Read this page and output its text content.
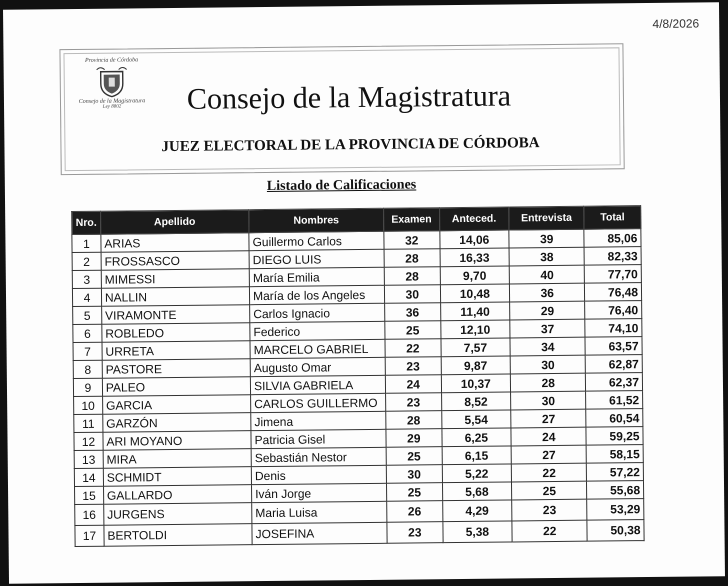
4/8/2026
Provincia de Córdoba
Consejo de la Magistratura
Ley 8802	Consejo de la Magistratura
JUEZ ELECTORAL DE LA PROVINCIA DE CÓRDOBA
Listado de Calificaciones
Nro.	Apellido	Nombres	Examen	Anteced.	Entrevista	Total
1	ARIAS	Guillermo Carlos	32	14,06	39	85,06
2	FROSSASCO	DIEGO LUIS	28	16,33	38	82,33
3	MIMESSI	María Emilia	28	9,70	40	77,70
4	NALLIN	María de los Angeles	30	10,48	36	76,48
5	VIRAMONTE	Carlos Ignacio	36	11,40	29	76,40
6	ROBLEDO	Federico	25	12,10	37	74,10
7	URRETA	MARCELO GABRIEL	22	7,57	34	63,57
8	PASTORE	Augusto Omar	23	9,87	30	62,87
9	PALEO	SILVIA GABRIELA	24	10,37	28	62,37
10	GARCIA	CARLOS GUILLERMO	23	8,52	30	61,52
11	GARZÓN	Jimena	28	5,54	27	60,54
12	ARI MOYANO	Patricia Gisel	29	6,25	24	59,25
13	MIRA	Sebastián Nestor	25	6,15	27	58,15
14	SCHMIDT	Denis	30	5,22	22	57,22
15	GALLARDO	Iván Jorge	25	5,68	25	55,68
16	JURGENS	Maria Luisa	26	4,29	23	53,29
17	BERTOLDI	JOSEFINA	23	5,38	22	50,38
